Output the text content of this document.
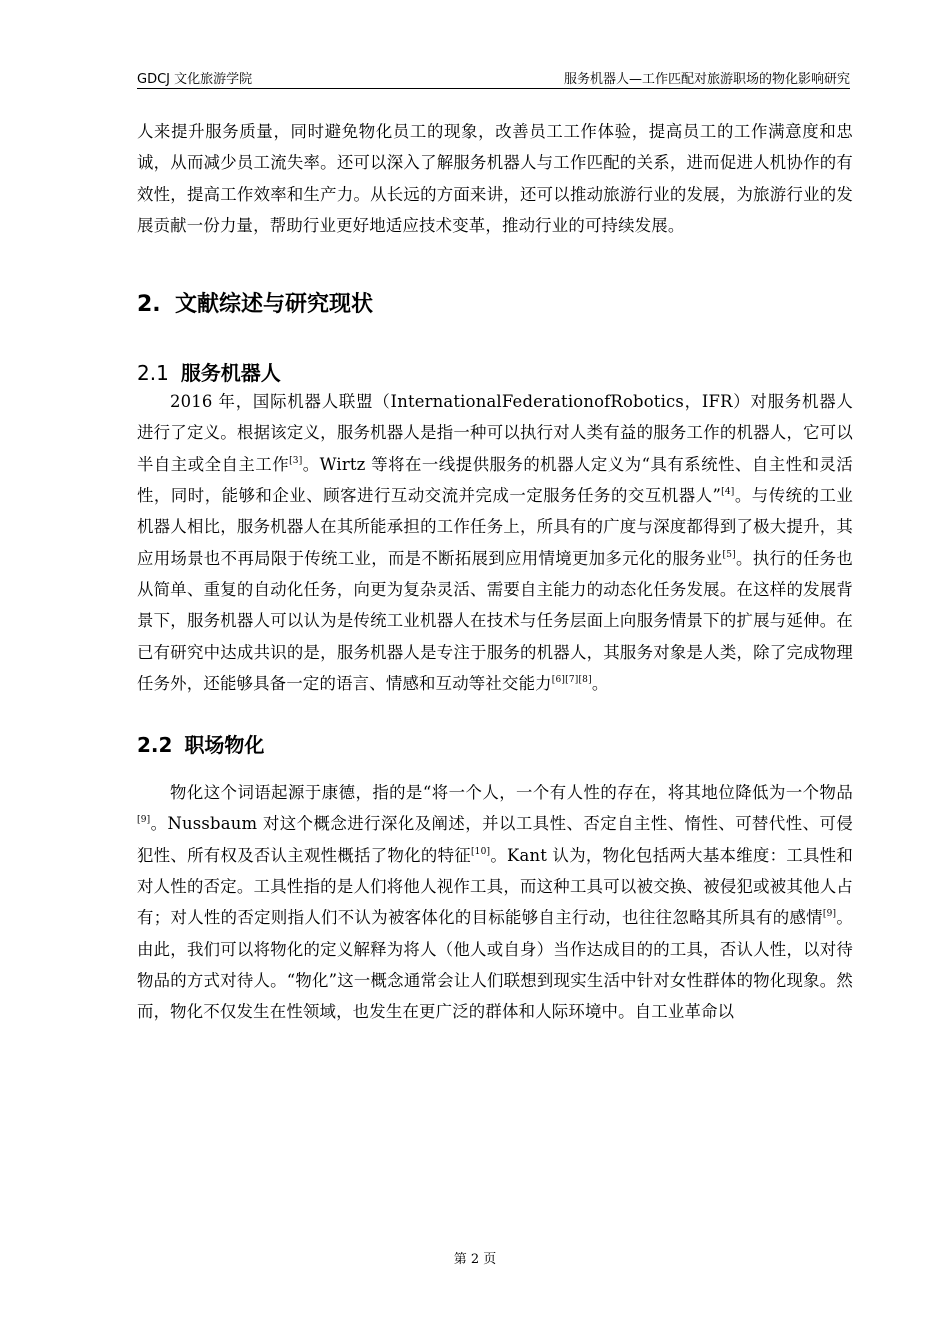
GDCJ 文化旅游学院	服务机器人—工作匹配对旅游职场的物化影响研究

人来提升服务质量，同时避免物化员工的现象，改善员工工作体验，提高员工的工作满意度和忠诚，从而减少员工流失率。还可以深入了解服务机器人与工作匹配的关系，进而促进人机协作的有效性，提高工作效率和生产力。从长远的方面来讲，还可以推动旅游行业的发展，为旅游行业的发展贡献一份力量，帮助行业更好地适应技术变革，推动行业的可持续发展。

2. 文献综述与研究现状
2.1 服务机器人

2016 年，国际机器人联盟（InternationalFederationofRobotics，IFR）对服务机器人进行了定义。根据该定义，服务机器人是指一种可以执行对人类有益的服务工作的机器人，它可以半自主或全自主工作[3]。Wirtz 等将在一线提供服务的机器人定义为“具有系统性、自主性和灵活性，同时，能够和企业、顾客进行互动交流并完成一定服务任务的交互机器人”[4]。与传统的工业机器人相比，服务机器人在其所能承担的工作任务上，所具有的广度与深度都得到了极大提升，其应用场景也不再局限于传统工业，而是不断拓展到应用情境更加多元化的服务业[5]。执行的任务也从简单、重复的自动化任务，向更为复杂灵活、需要自主能力的动态化任务发展。在这样的发展背景下，服务机器人可以认为是传统工业机器人在技术与任务层面上向服务情景下的扩展与延伸。在已有研究中达成共识的是，服务机器人是专注于服务的机器人，其服务对象是人类，除了完成物理任务外，还能够具备一定的语言、情感和互动等社交能力[6][7][8]。

2.2 职场物化

物化这个词语起源于康德，指的是“将一个人，一个有人性的存在，将其地位降低为一个物品[9]。Nussbaum 对这个概念进行深化及阐述，并以工具性、否定自主性、惰性、可替代性、可侵犯性、所有权及否认主观性概括了物化的特征[10]。Kant 认为，物化包括两大基本维度：工具性和对人性的否定。工具性指的是人们将他人视作工具，而这种工具可以被交换、被侵犯或被其他人占有；对人性的否定则指人们不认为被客体化的目标能够自主行动，也往往忽略其所具有的感情[9]。由此，我们可以将物化的定义解释为将人（他人或自身）当作达成目的的工具，否认人性，以对待物品的方式对待人。“物化”这一概念通常会让人们联想到现实生活中针对女性群体的物化现象。然而，物化不仅发生在性领域，也发生在更广泛的群体和人际环境中。自工业革命以

第 2 页
